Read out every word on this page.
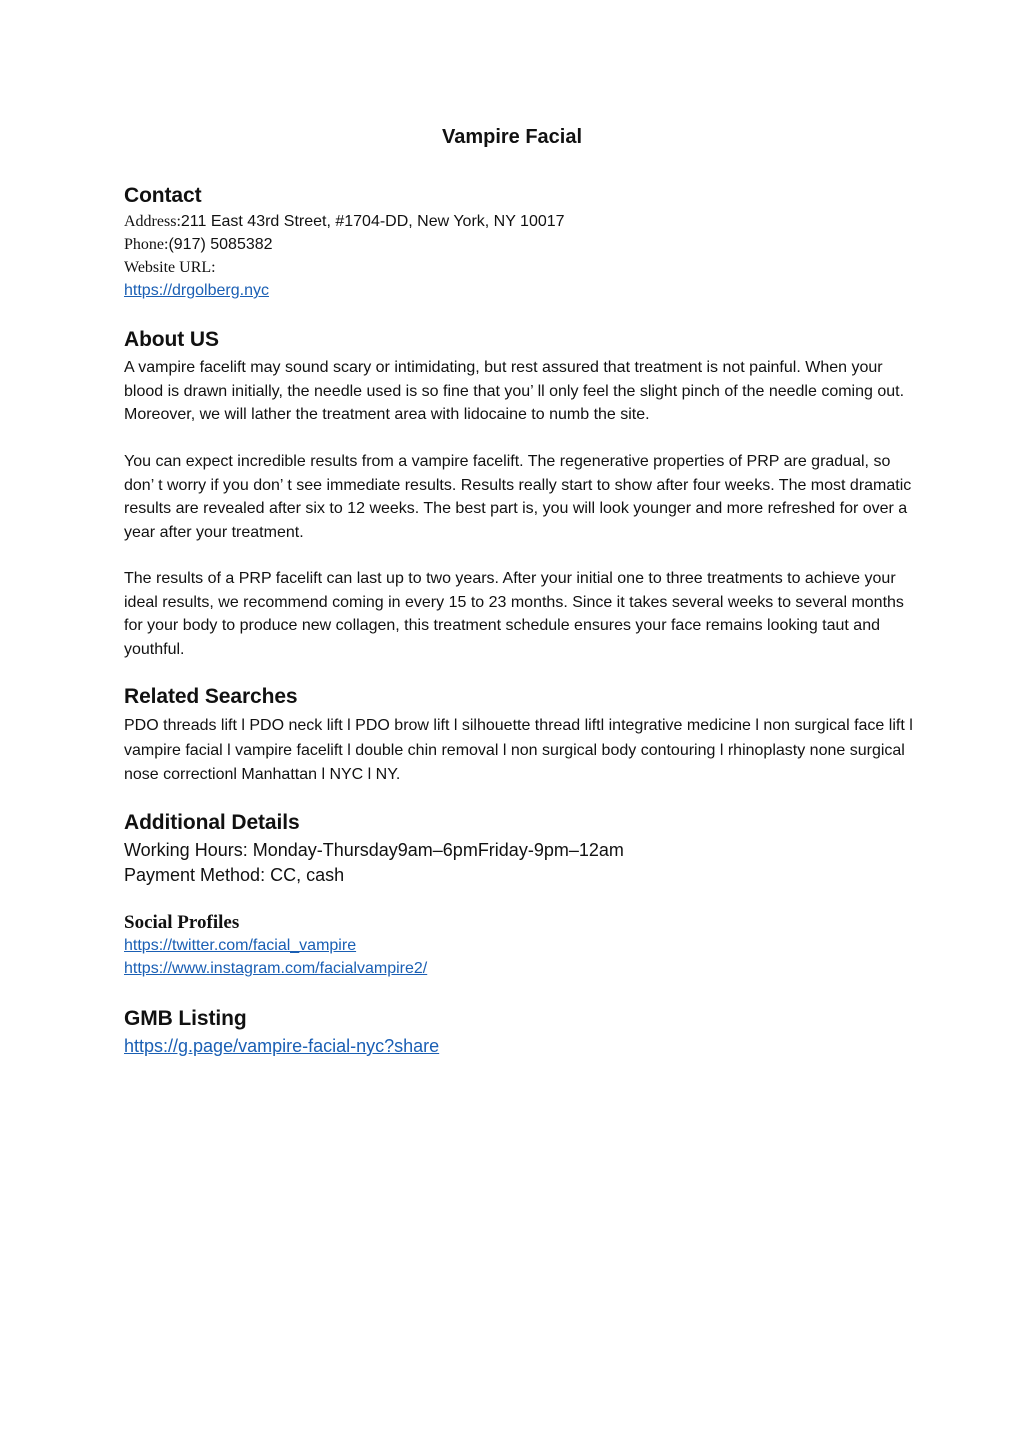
Vampire Facial
Contact

Address:211 East 43rd Street, #1704-DD, New York, NY 10017

Phone:(917) 5085382

Website URL:

https://drgolberg.nyc

About US

A vampire facelift may sound scary or intimidating, but rest assured that treatment is not painful. When your blood is drawn initially, the needle used is so fine that you’ ll only feel the slight pinch of the needle coming out. Moreover, we will lather the treatment area with lidocaine to numb the site.

You can expect incredible results from a vampire facelift. The regenerative properties of PRP are gradual, so don’ t worry if you don’ t see immediate results. Results really start to show after four weeks. The most dramatic results are revealed after six to 12 weeks. The best part is, you will look younger and more refreshed for over a year after your treatment.

The results of a PRP facelift can last up to two years. After your initial one to three treatments to achieve your ideal results, we recommend coming in every 15 to 23 months. Since it takes several weeks to several months for your body to produce new collagen, this treatment schedule ensures your face remains looking taut and youthful.

Related Searches

PDO threads lift l PDO neck lift l PDO brow lift l silhouette thread liftl integrative medicine l non surgical face lift l vampire facial l vampire facelift l double chin removal l non surgical body contouring l rhinoplasty none surgical nose correctionl Manhattan l NYC l NY.

Additional Details

Working Hours: Monday-Thursday9am–6pmFriday-9pm–12am

Payment Method: CC, cash

Social Profiles

https://twitter.com/facial_vampire

https://www.instagram.com/facialvampire2/

GMB Listing

https://g.page/vampire-facial-nyc?share
